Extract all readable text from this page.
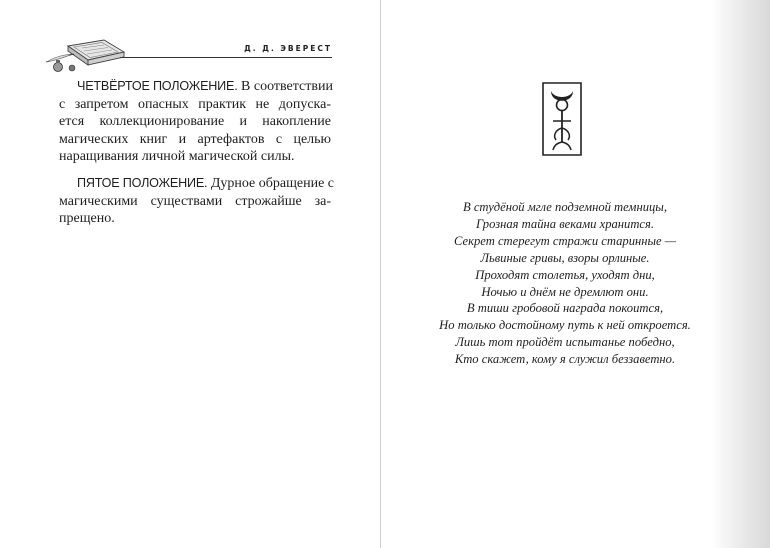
Д. Д. ЭВЕРЕСТ
ЧЕТВЁРТОЕ ПОЛОЖЕНИЕ. В соответствии
с запретом опасных практик не допуска-
ется коллекционирование и накопление
магических книг и артефактов с целью
наращивания личной магической силы.
ПЯТОЕ ПОЛОЖЕНИЕ. Дурное обращение с
магическими существами строжайше за-
прещено.
В студёной мгле подземной темницы,
Грозная тайна веками хранится.
Секрет стерегут стражи старинные —
Львиные гривы, взоры орлиные.
Проходят столетья, уходят дни,
Ночью и днём не дремлют они.
В тиши гробовой награда покоится,
Но только достойному путь к ней откроется.
Лишь тот пройдёт испытанье победно,
Кто скажет, кому я служил беззаветно.
